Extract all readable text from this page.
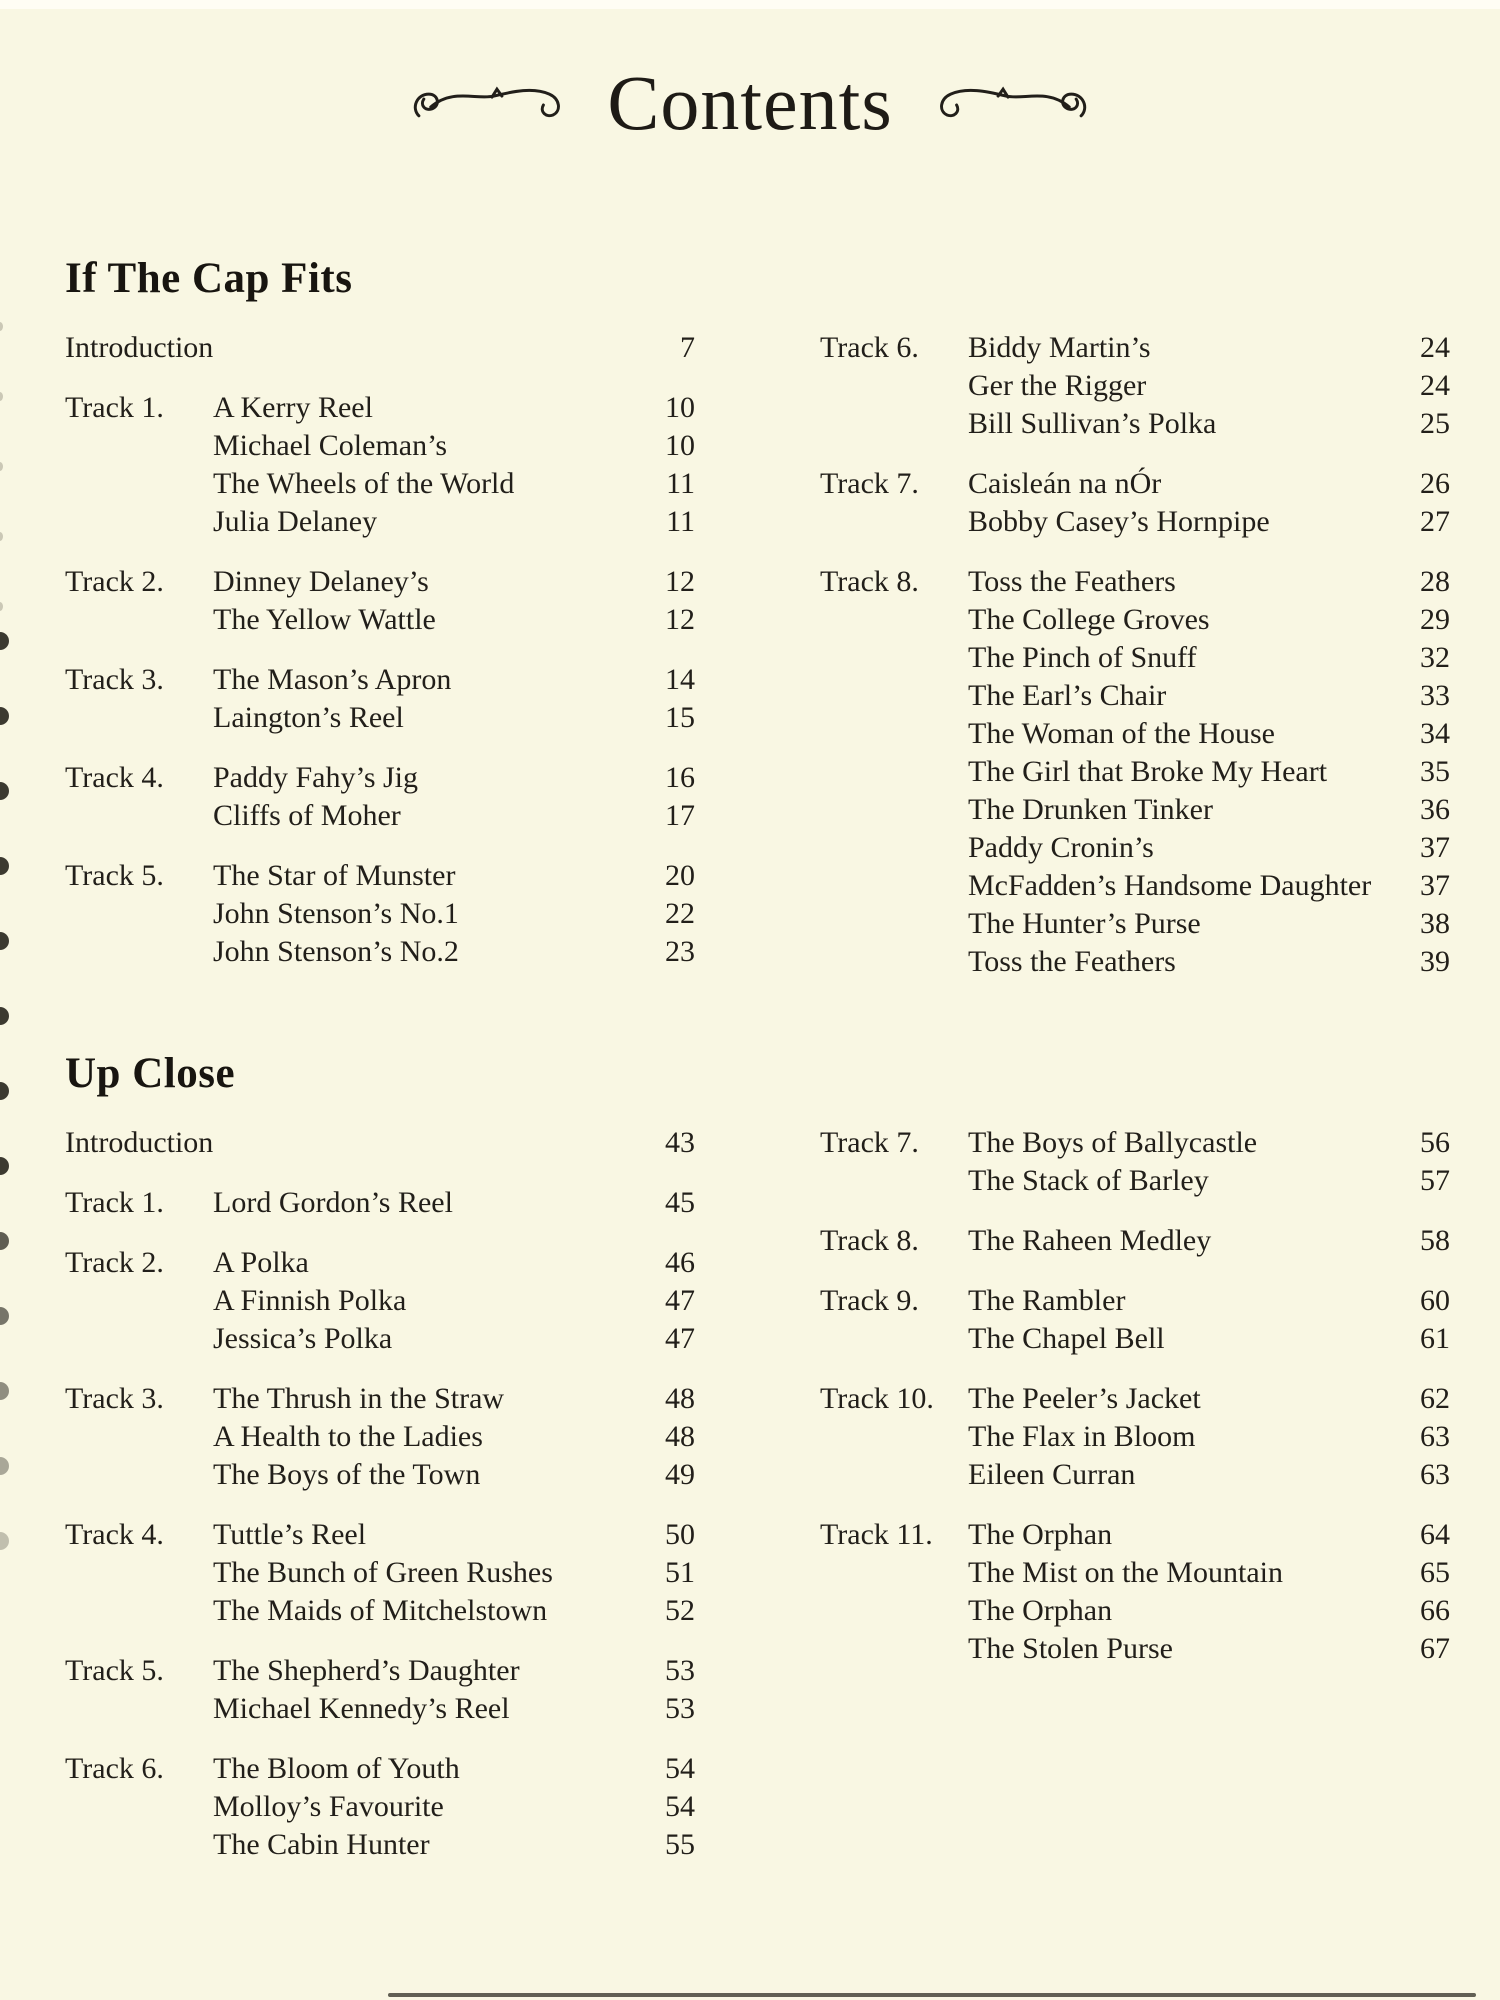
Contents
If The Cap Fits
Introduction	7
Track 1.	A Kerry Reel	10
Michael Coleman’s	10
The Wheels of the World	11
Julia Delaney	11
Track 2.	Dinney Delaney’s	12
The Yellow Wattle	12
Track 3.	The Mason’s Apron	14
Laington’s Reel	15
Track 4.	Paddy Fahy’s Jig	16
Cliffs of Moher	17
Track 5.	The Star of Munster	20
John Stenson’s No.1	22
John Stenson’s No.2	23
Track 6.	Biddy Martin’s	24
Ger the Rigger	24
Bill Sullivan’s Polka	25
Track 7.	Caisleán na nÓr	26
Bobby Casey’s Hornpipe	27
Track 8.	Toss the Feathers	28
The College Groves	29
The Pinch of Snuff	32
The Earl’s Chair	33
The Woman of the House	34
The Girl that Broke My Heart	35
The Drunken Tinker	36
Paddy Cronin’s	37
McFadden’s Handsome Daughter 37
The Hunter’s Purse	38
Toss the Feathers	39
Up Close
Introduction	43
Track 1.	Lord Gordon’s Reel	45
Track 2.	A Polka	46
A Finnish Polka	47
Jessica’s Polka	47
Track 3.	The Thrush in the Straw	48
A Health to the Ladies	48
The Boys of the Town	49
Track 4.	Tuttle’s Reel	50
The Bunch of Green Rushes	51
The Maids of Mitchelstown	52
Track 5.	The Shepherd’s Daughter	53
Michael Kennedy’s Reel	53
Track 6.	The Bloom of Youth	54
Molloy’s Favourite	54
The Cabin Hunter	55
Track 7.	The Boys of Ballycastle	56
The Stack of Barley	57
Track 8.	The Raheen Medley	58
Track 9.	The Rambler	60
The Chapel Bell	61
Track 10.	The Peeler’s Jacket	62
The Flax in Bloom	63
Eileen Curran	63
Track 11.	The Orphan	64
The Mist on the Mountain	65
The Orphan	66
The Stolen Purse	67
